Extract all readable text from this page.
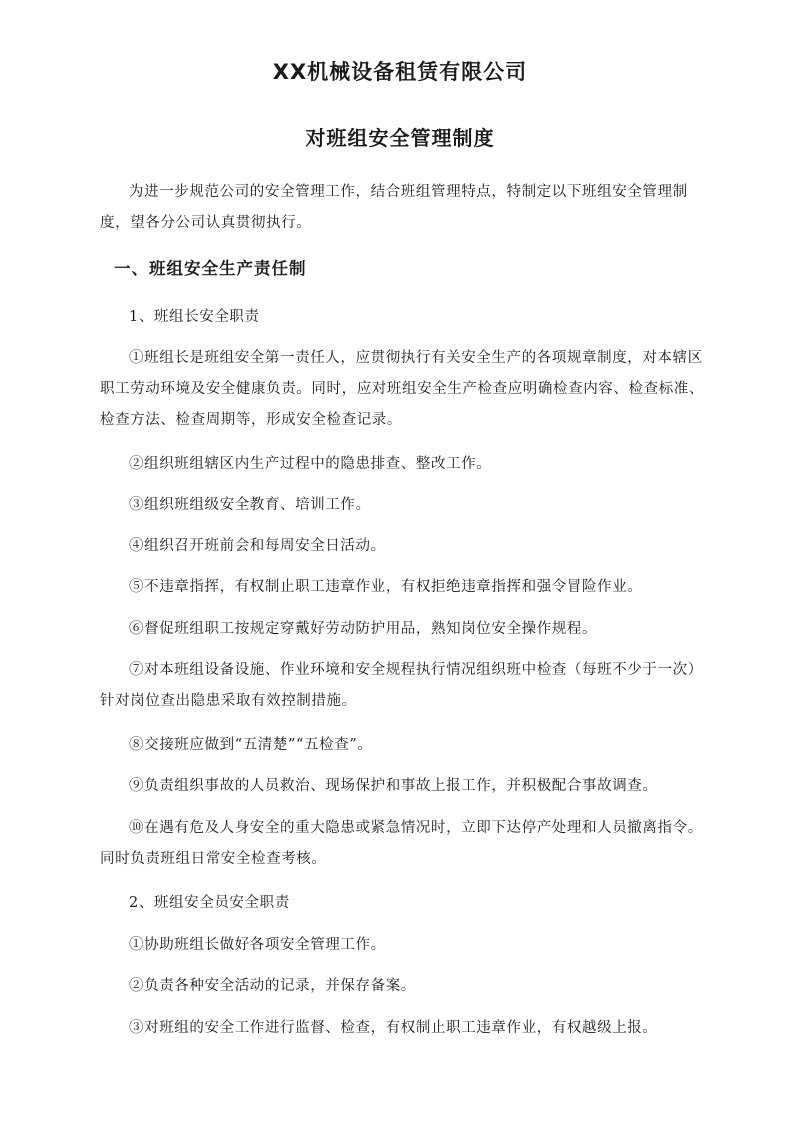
XX机械设备租赁有限公司
对班组安全管理制度
为进一步规范公司的安全管理工作，结合班组管理特点，特制定以下班组安全管理制度，望各分公司认真贯彻执行。
一、班组安全生产责任制
1、班组长安全职责
①班组长是班组安全第一责任人，应贯彻执行有关安全生产的各项规章制度，对本辖区职工劳动环境及安全健康负责。同时，应对班组安全生产检查应明确检查内容、检查标准、检查方法、检查周期等，形成安全检查记录。
②组织班组辖区内生产过程中的隐患排查、整改工作。
③组织班组级安全教育、培训工作。
④组织召开班前会和每周安全日活动。
⑤不违章指挥，有权制止职工违章作业，有权拒绝违章指挥和强令冒险作业。
⑥督促班组职工按规定穿戴好劳动防护用品，熟知岗位安全操作规程。
⑦对本班组设备设施、作业环境和安全规程执行情况组织班中检查（每班不少于一次）针对岗位查出隐患采取有效控制措施。
⑧交接班应做到“五清楚”“五检查”。
⑨负责组织事故的人员救治、现场保护和事故上报工作，并积极配合事故调查。
⑩在遇有危及人身安全的重大隐患或紧急情况时，立即下达停产处理和人员撤离指令。同时负责班组日常安全检查考核。
2、班组安全员安全职责
①协助班组长做好各项安全管理工作。
②负责各种安全活动的记录，并保存备案。
③对班组的安全工作进行监督、检查，有权制止职工违章作业，有权越级上报。
